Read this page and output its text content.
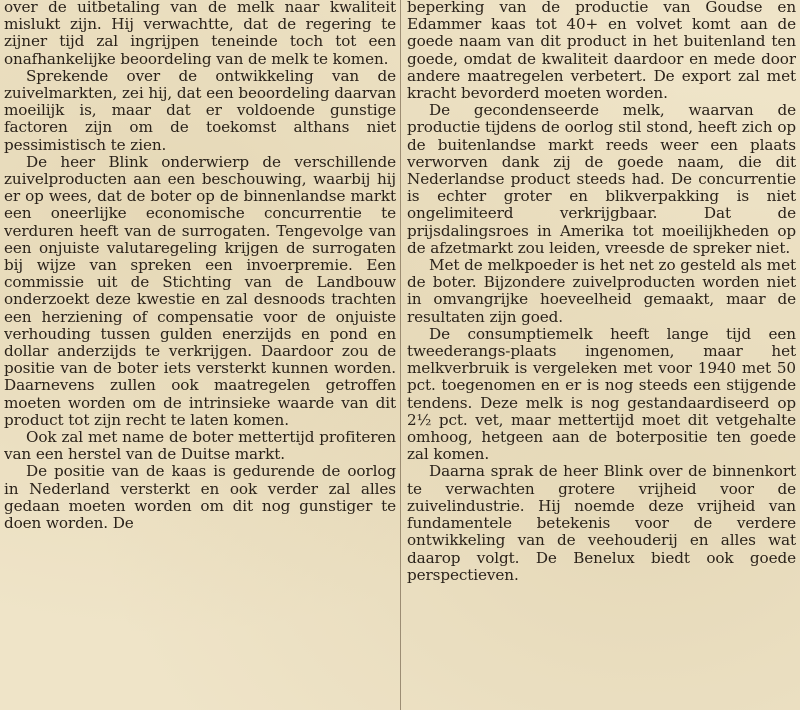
over de uitbetaling van de melk naar kwaliteit mislukt zijn. Hij verwachtte, dat de regering te zijner tijd zal ingrijpen teneinde toch tot een onafhankelijke beoordeling van de melk te komen.

Sprekende over de ontwikkeling van de zuivelmarkten, zei hij, dat een beoordeling daarvan moeilijk is, maar dat er voldoende gunstige factoren zijn om de toekomst althans niet pessimistisch te zien.

De heer Blink onderwierp de verschillende zuivelproducten aan een beschouwing, waarbij hij er op wees, dat de boter op de binnenlandse markt een oneerlijke economische concurrentie te verduren heeft van de surrogaten. Tengevolge van een onjuiste valutaregeling krijgen de surrogaten bij wijze van spreken een invoerpremie. Een commissie uit de Stichting van de Landbouw onderzoekt deze kwestie en zal desnoods trachten een herziening of compensatie voor de onjuiste verhouding tussen gulden enerzijds en pond en dollar anderzijds te verkrijgen. Daardoor zou de positie van de boter iets versterkt kunnen worden. Daarnevens zullen ook maatregelen getroffen moeten worden om de intrinsieke waarde van dit product tot zijn recht te laten komen.

Ook zal met name de boter mettertijd profiteren van een herstel van de Duitse markt.

De positie van de kaas is gedurende de oorlog in Nederland versterkt en ook verder zal alles gedaan moeten worden om dit nog gunstiger te doen worden. De

beperking van de productie van Goudse en Edammer kaas tot 40+ en volvet komt aan de goede naam van dit product in het buitenland ten goede, omdat de kwaliteit daardoor en mede door andere maatregelen verbetert. De export zal met kracht bevorderd moeten worden.

De gecondenseerde melk, waarvan de productie tijdens de oorlog stil stond, heeft zich op de buitenlandse markt reeds weer een plaats verworven dank zij de goede naam, die dit Nederlandse product steeds had. De concurrentie is echter groter en blikverpakking is niet ongelimiteerd verkrijgbaar. Dat de prijsdalingsroes in Amerika tot moeilijkheden op de afzetmarkt zou leiden, vreesde de spreker niet.

Met de melkpoeder is het net zo gesteld als met de boter. Bijzondere zuivelproducten worden niet in omvangrijke hoeveelheid gemaakt, maar de resultaten zijn goed.

De consumptiemelk heeft lange tijd een tweederangs-plaats ingenomen, maar het melkverbruik is vergeleken met voor 1940 met 50 pct. toegenomen en er is nog steeds een stijgende tendens. Deze melk is nog gestandaardiseerd op 2½ pct. vet, maar mettertijd moet dit vetgehalte omhoog, hetgeen aan de boterpositie ten goede zal komen.

Daarna sprak de heer Blink over de binnenkort te verwachten grotere vrijheid voor de zuivelindustrie. Hij noemde deze vrijheid van fundamentele betekenis voor de verdere ontwikkeling van de veehouderij en alles wat daarop volgt. De Benelux biedt ook goede perspectieven.
